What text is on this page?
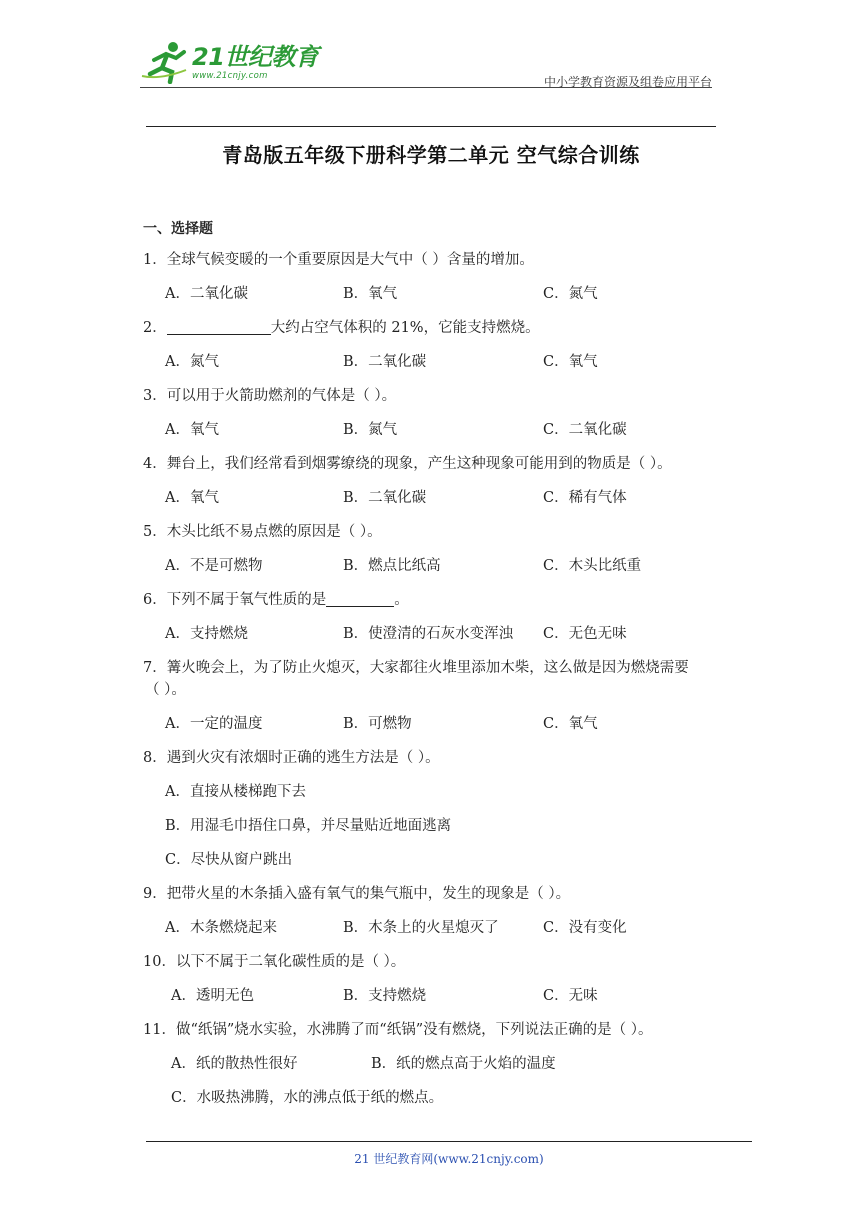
21世纪教育
www.21cnjy.com	中小学教育资源及组卷应用平台
青岛版五年级下册科学第二单元 空气综合训练
一、选择题
1．全球气候变暖的一个重要原因是大气中（ ）含量的增加。
A．二氧化碳	B．氧气	C．氮气
2．	大约占空气体积的 21%，它能支持燃烧。
A．氮气	B．二氧化碳	C．氧气
3．可以用于火箭助燃剂的气体是（ ）。
A．氧气	B．氮气	C．二氧化碳
4．舞台上，我们经常看到烟雾缭绕的现象，产生这种现象可能用到的物质是（ ）。
A．氧气	B．二氧化碳	C．稀有气体
5．木头比纸不易点燃的原因是（ ）。
A．不是可燃物	B．燃点比纸高	C．木头比纸重
6．下列不属于氧气性质的是	。
A．支持燃烧	B．使澄清的石灰水变浑浊 C．无色无味
7．篝火晚会上，为了防止火熄灭，大家都往火堆里添加木柴，这么做是因为燃烧需要
（ ）。
A．一定的温度	B．可燃物	C．氧气
8．遇到火灾有浓烟时正确的逃生方法是（ ）。
A．直接从楼梯跑下去
B．用湿毛巾捂住口鼻，并尽量贴近地面逃离
C．尽快从窗户跳出
9．把带火星的木条插入盛有氧气的集气瓶中，发生的现象是（ ）。
A．木条燃烧起来	B．木条上的火星熄灭了	C．没有变化
10．以下不属于二氧化碳性质的是（ ）。
A．透明无色	B．支持燃烧	C．无味
11．做“纸锅”烧水实验，水沸腾了而“纸锅”没有燃烧，下列说法正确的是（ ）。
A．纸的散热性很好	B．纸的燃点高于火焰的温度
C．水吸热沸腾，水的沸点低于纸的燃点。
21 世纪教育网(www.21cnjy.com)
